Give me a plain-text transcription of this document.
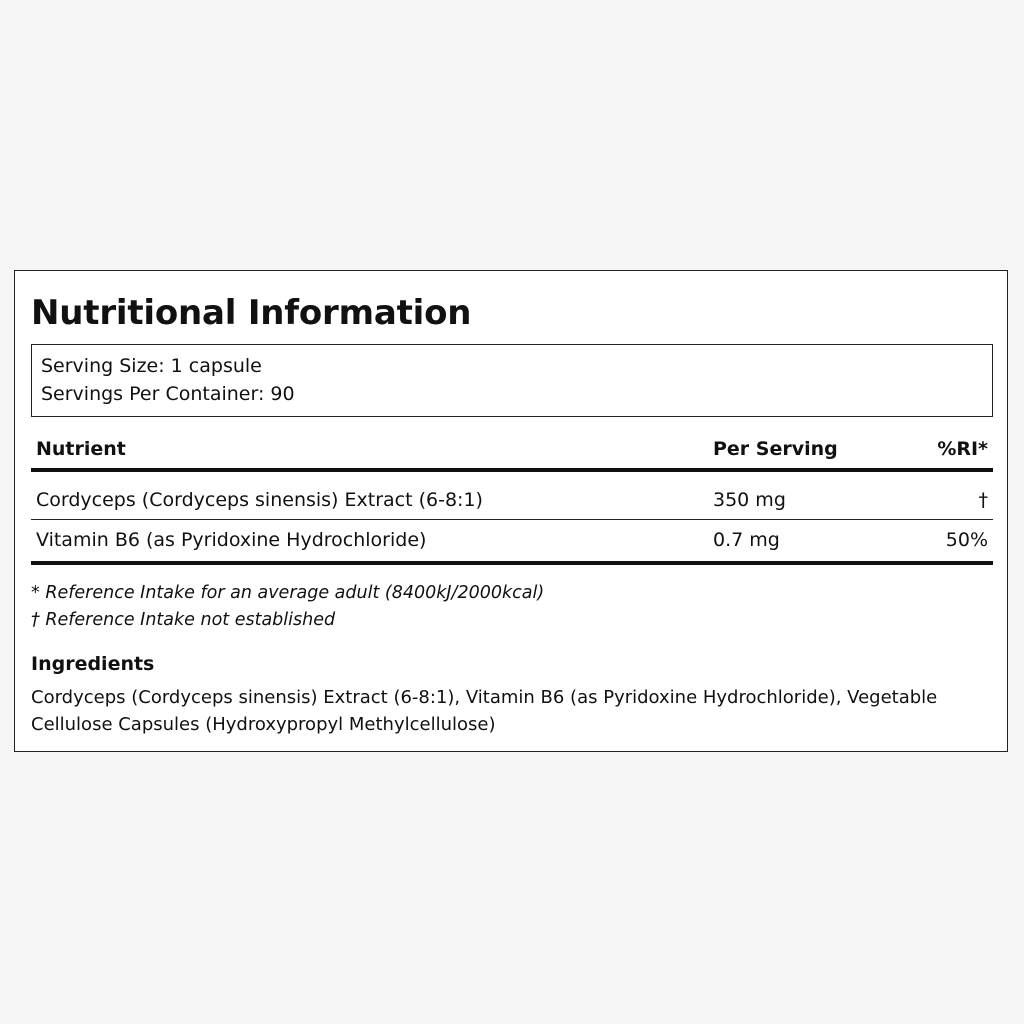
Nutritional Information
Serving Size: 1 capsule
Servings Per Container: 90
Nutrient	Per Serving	%RI*
Cordyceps (Cordyceps sinensis) Extract (6-8:1)	350 mg	†
Vitamin B6 (as Pyridoxine Hydrochloride)	0.7 mg	50%
* Reference Intake for an average adult (8400kJ/2000kcal)
† Reference Intake not established
Ingredients

Cordyceps (Cordyceps sinensis) Extract (6-8:1), Vitamin B6 (as Pyridoxine Hydrochloride), Vegetable Cellulose Capsules (Hydroxypropyl Methylcellulose)
